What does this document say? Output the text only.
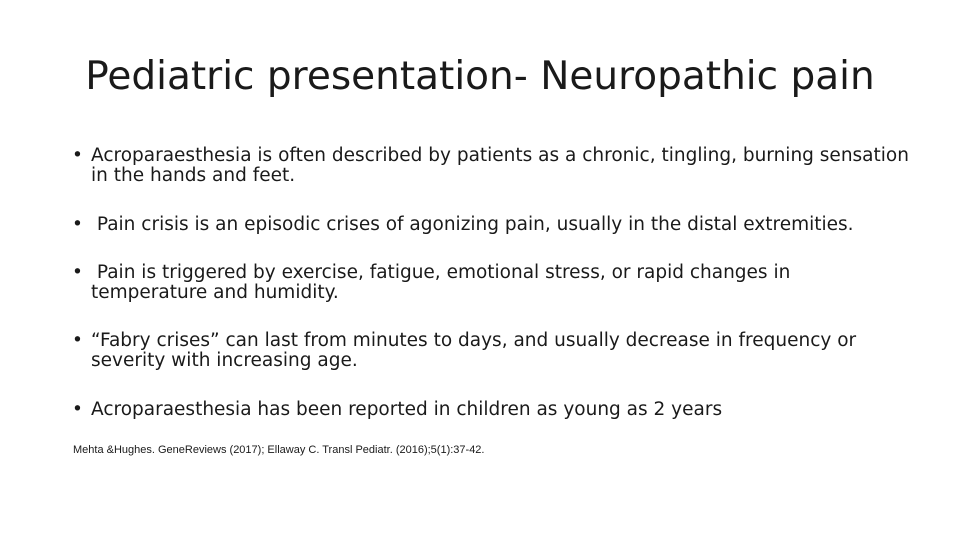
Pediatric presentation- Neuropathic pain
• Acroparaesthesia is often described by patients as a chronic, tingling, burning sensation in the hands and feet.
• Pain crisis is an episodic crises of agonizing pain, usually in the distal extremities.
• Pain is triggered by exercise, fatigue, emotional stress, or rapid changes in temperature and humidity.
• “Fabry crises” can last from minutes to days, and usually decrease in frequency or severity with increasing age.
• Acroparaesthesia has been reported in children as young as 2 years
Mehta &Hughes. GeneReviews (2017); Ellaway C. Transl Pediatr. (2016);5(1):37-42.
